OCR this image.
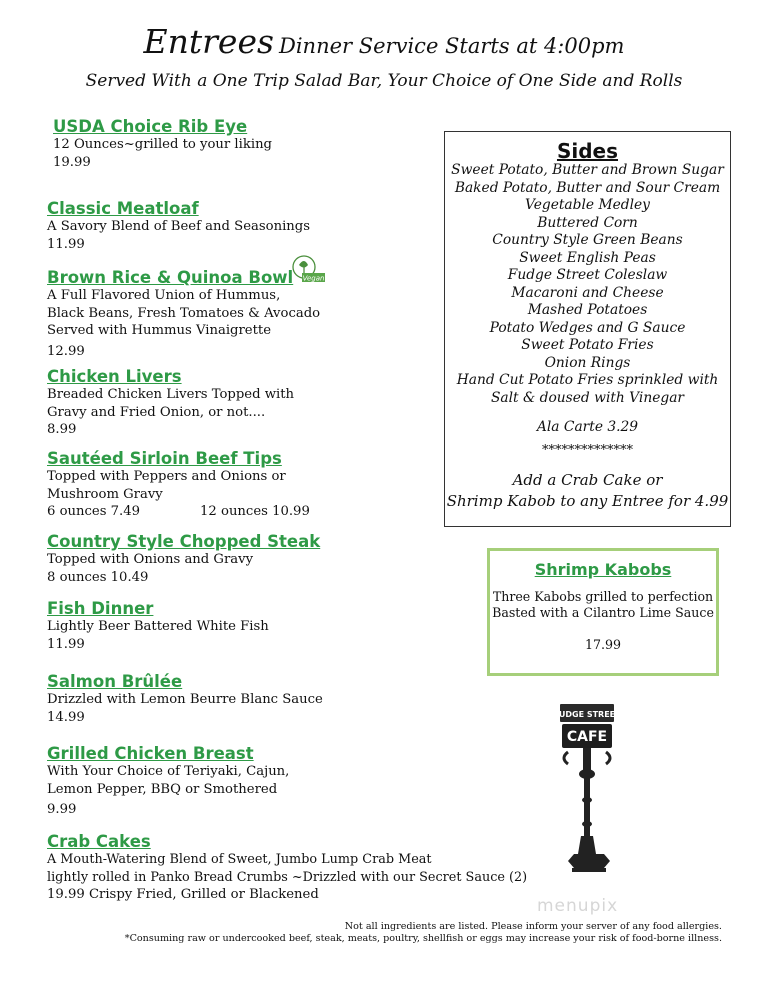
Entrees Dinner Service Starts at 4:00pm
Served With a One Trip Salad Bar, Your Choice of One Side and Rolls
USDA Choice Rib Eye
12 Ounces~grilled to your liking
19.99
Classic Meatloaf
A Savory Blend of Beef and Seasonings
11.99
Brown Rice & Quinoa Bowl
A Full Flavored Union of Hummus,
Black Beans, Fresh Tomatoes & Avocado
Served with Hummus Vinaigrette
12.99
Vegan
Chicken Livers
Breaded Chicken Livers Topped with
Gravy and Fried Onion, or not....
8.99
Sautéed Sirloin Beef Tips
Topped with Peppers and Onions or
Mushroom Gravy
6 ounces 7.49	12 ounces 10.99
Country Style Chopped Steak
Topped with Onions and Gravy
8 ounces 10.49
Fish Dinner
Lightly Beer Battered White Fish
11.99
Salmon Brûlée
Drizzled with Lemon Beurre Blanc Sauce
14.99
Grilled Chicken Breast
With Your Choice of Teriyaki, Cajun,
Lemon Pepper, BBQ or Smothered
9.99
Crab Cakes
A Mouth-Watering Blend of Sweet, Jumbo Lump Crab Meat
lightly rolled in Panko Bread Crumbs ~Drizzled with our Secret Sauce (2)
19.99 Crispy Fried, Grilled or Blackened
Sides
Sweet Potato, Butter and Brown Sugar
Baked Potato, Butter and Sour Cream
Vegetable Medley
Buttered Corn
Country Style Green Beans
Sweet English Peas
Fudge Street Coleslaw
Macaroni and Cheese
Mashed Potatoes
Potato Wedges and G Sauce
Sweet Potato Fries
Onion Rings
Hand Cut Potato Fries sprinkled with
Salt & doused with Vinegar
Ala Carte 3.29
**************
Add a Crab Cake or
Shrimp Kabob to any Entree for 4.99
Shrimp Kabobs
Three Kabobs grilled to perfection
Basted with a Cilantro Lime Sauce
17.99
FUDGE STREET
CAFE
menupix
Not all ingredients are listed. Please inform your server of any food allergies.
*Consuming raw or undercooked beef, steak, meats, poultry, shellfish or eggs may increase your risk of food-borne illness.
